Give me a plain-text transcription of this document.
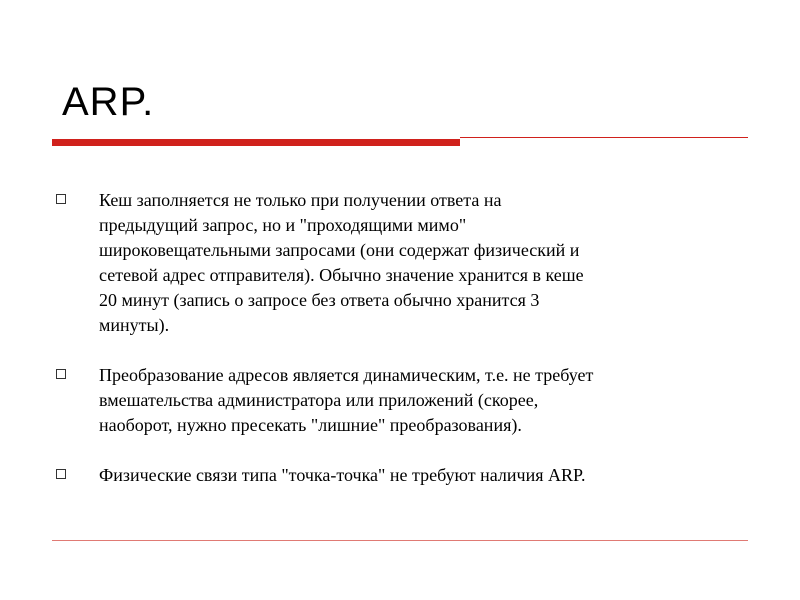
ARP.
Кеш заполняется не только при получении ответа на
предыдущий запрос, но и "проходящими мимо"
широковещательными запросами (они содержат физический и
сетевой адрес отправителя). Обычно значение хранится в кеше
20 минут (запись о запросе без ответа обычно хранится 3
минуты).
Преобразование адресов является динамическим, т.е. не требует
вмешательства администратора или приложений (скорее,
наоборот, нужно пресекать "лишние" преобразования).
Физические связи типа "точка-точка" не требуют наличия ARP.
